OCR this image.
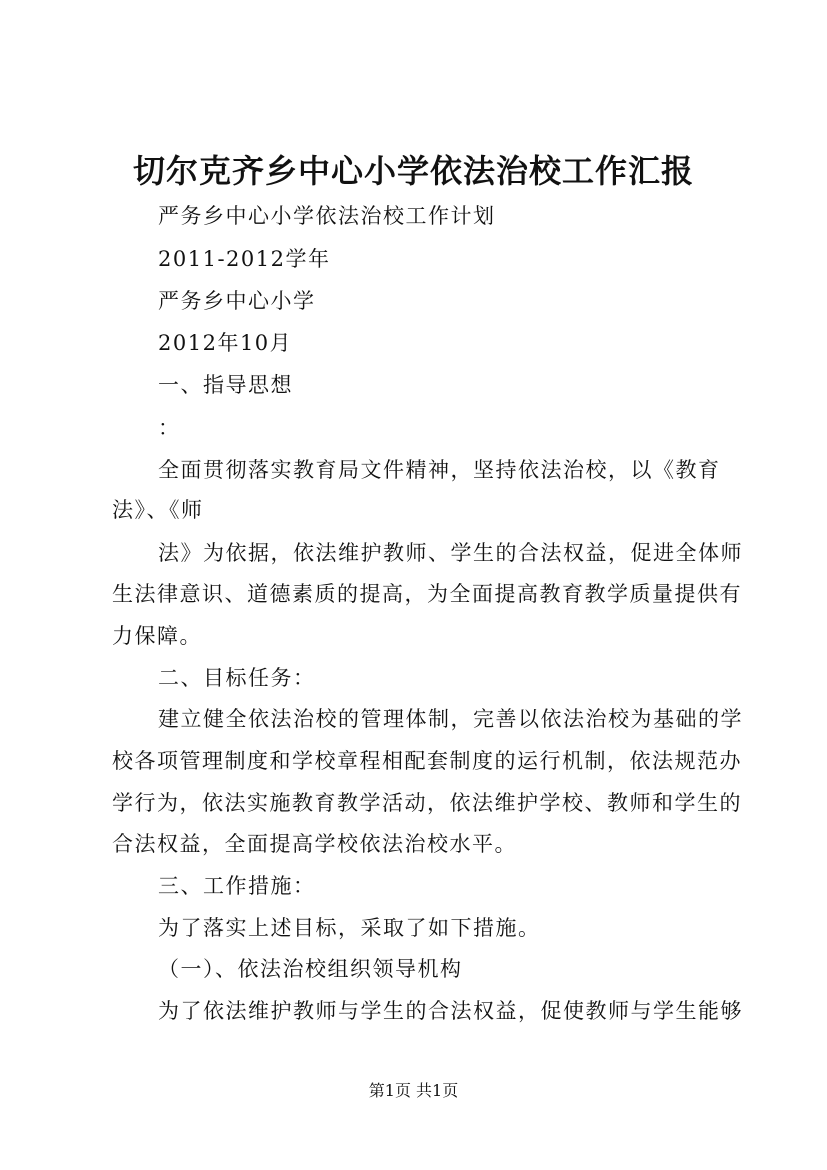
切尔克齐乡中心小学依法治校工作汇报
严务乡中心小学依法治校工作计划
2011-2012学年
严务乡中心小学
2012年10月
一、指导思想
：
全面贯彻落实教育局文件精神，坚持依法治校，以《教育
法》、《师
法》为依据，依法维护教师、学生的合法权益，促进全体师
生法律意识、道德素质的提高，为全面提高教育教学质量提供有
力保障。
二、目标任务：
建立健全依法治校的管理体制，完善以依法治校为基础的学
校各项管理制度和学校章程相配套制度的运行机制，依法规范办
学行为，依法实施教育教学活动，依法维护学校、教师和学生的
合法权益，全面提高学校依法治校水平。
三、工作措施：
为了落实上述目标，采取了如下措施。
（一）、依法治校组织领导机构
为了依法维护教师与学生的合法权益，促使教师与学生能够
第1页 共1页
